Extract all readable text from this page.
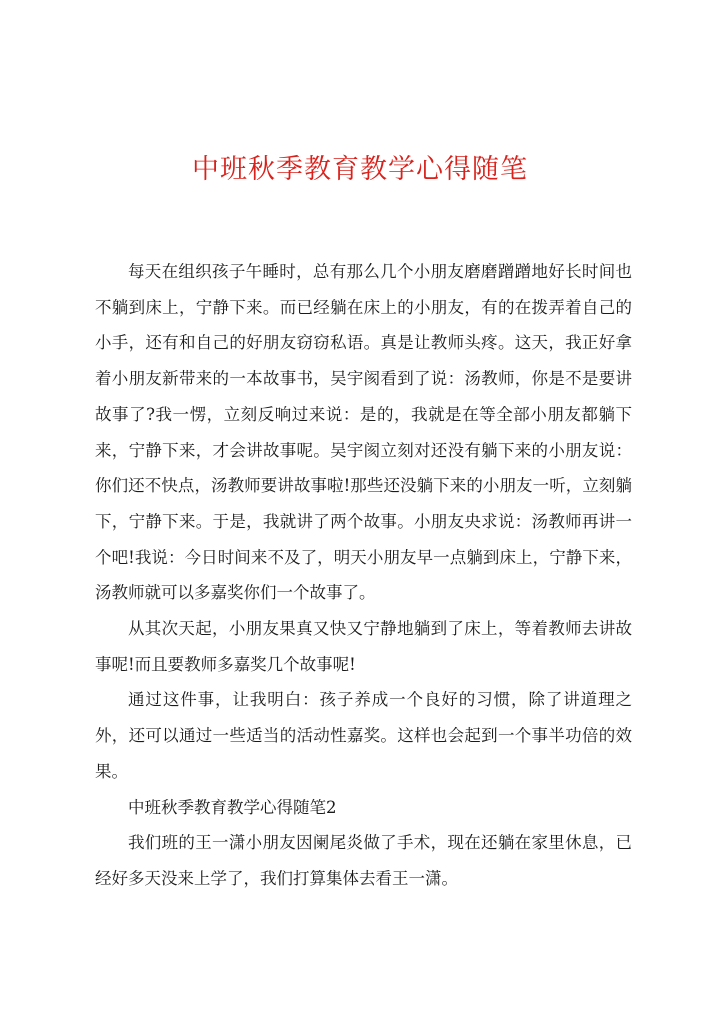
中班秋季教育教学心得随笔

每天在组织孩子午睡时，总有那么几个小朋友磨磨蹭蹭地好长时间也不躺到床上，宁静下来。而已经躺在床上的小朋友，有的在拨弄着自己的小手，还有和自己的好朋友窃窃私语。真是让教师头疼。这天，我正好拿着小朋友新带来的一本故事书，吴宇阂看到了说：汤教师，你是不是要讲故事了?我一愣，立刻反响过来说：是的，我就是在等全部小朋友都躺下来，宁静下来，才会讲故事呢。吴宇阂立刻对还没有躺下来的小朋友说：你们还不快点，汤教师要讲故事啦!那些还没躺下来的小朋友一听，立刻躺下，宁静下来。于是，我就讲了两个故事。小朋友央求说：汤教师再讲一个吧!我说：今日时间来不及了，明天小朋友早一点躺到床上，宁静下来，汤教师就可以多嘉奖你们一个故事了。

从其次天起，小朋友果真又快又宁静地躺到了床上，等着教师去讲故事呢!而且要教师多嘉奖几个故事呢!

通过这件事，让我明白：孩子养成一个良好的习惯，除了讲道理之外，还可以通过一些适当的活动性嘉奖。这样也会起到一个事半功倍的效果。

中班秋季教育教学心得随笔2

我们班的王一潇小朋友因阑尾炎做了手术，现在还躺在家里休息，已经好多天没来上学了，我们打算集体去看王一潇。
